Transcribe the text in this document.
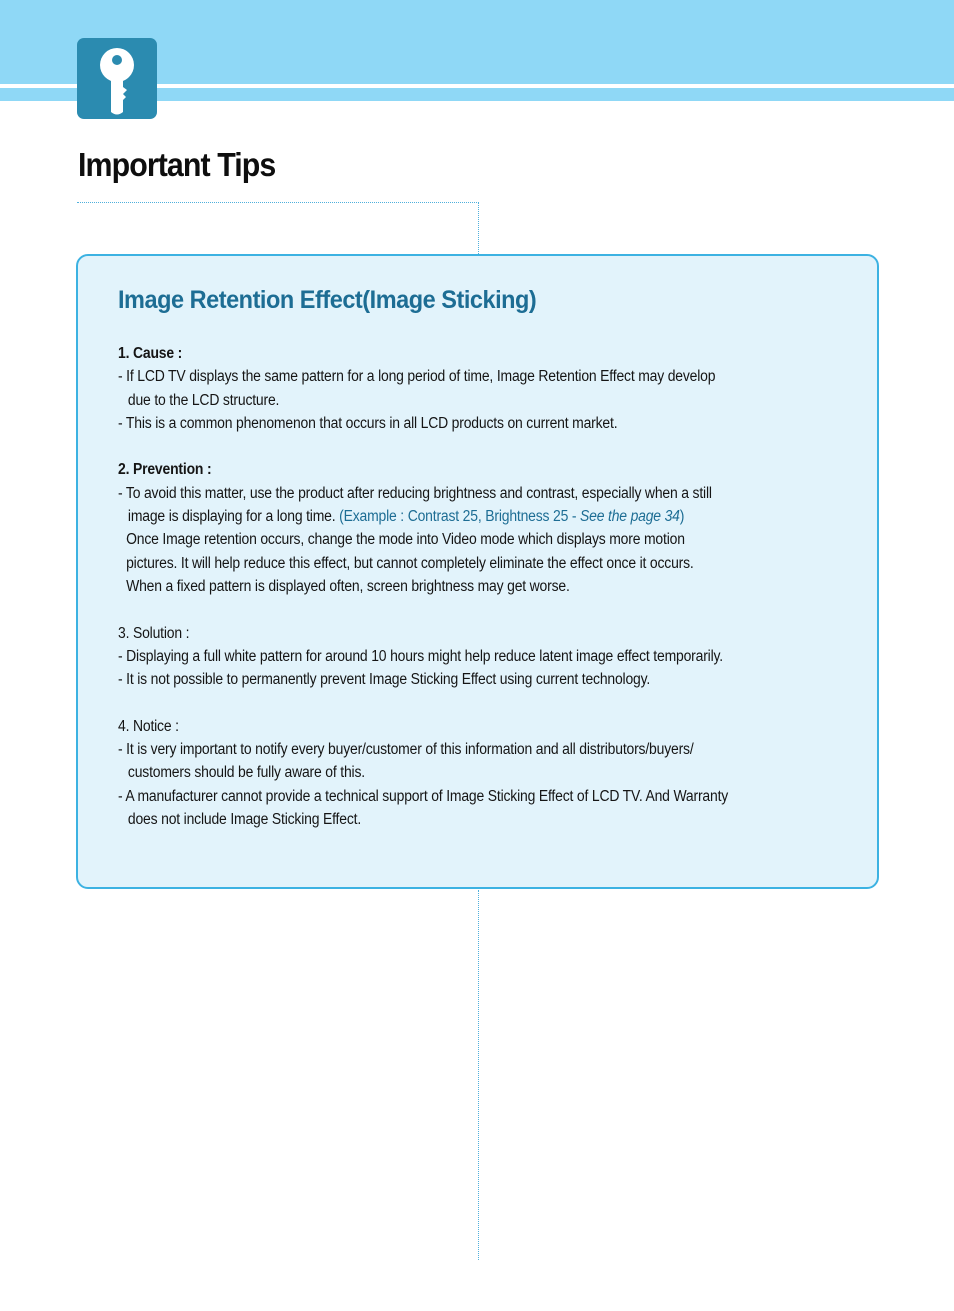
Important Tips
Image Retention Effect(Image Sticking)
1. Cause :
- If LCD TV displays the same pattern for a long period of time, Image Retention Effect may develop
due to the LCD structure.
- This is a common phenomenon that occurs in all LCD products on current market.
2. Prevention :
- To avoid this matter, use the product after reducing brightness and contrast, especially when a still
image is displaying for a long time. (Example : Contrast 25, Brightness 25 - See the page 34)
Once Image retention occurs, change the mode into Video mode which displays more motion
pictures. It will help reduce this effect, but cannot completely eliminate the effect once it occurs.
When a fixed pattern is displayed often, screen brightness may get worse.
3. Solution :
- Displaying a full white pattern for around 10 hours might help reduce latent image effect temporarily.
- It is not possible to permanently prevent Image Sticking Effect using current technology.
4. Notice :
- It is very important to notify every buyer/customer of this information and all distributors/buyers/
customers should be fully aware of this.
- A manufacturer cannot provide a technical support of Image Sticking Effect of LCD TV. And Warranty
does not include Image Sticking Effect.
